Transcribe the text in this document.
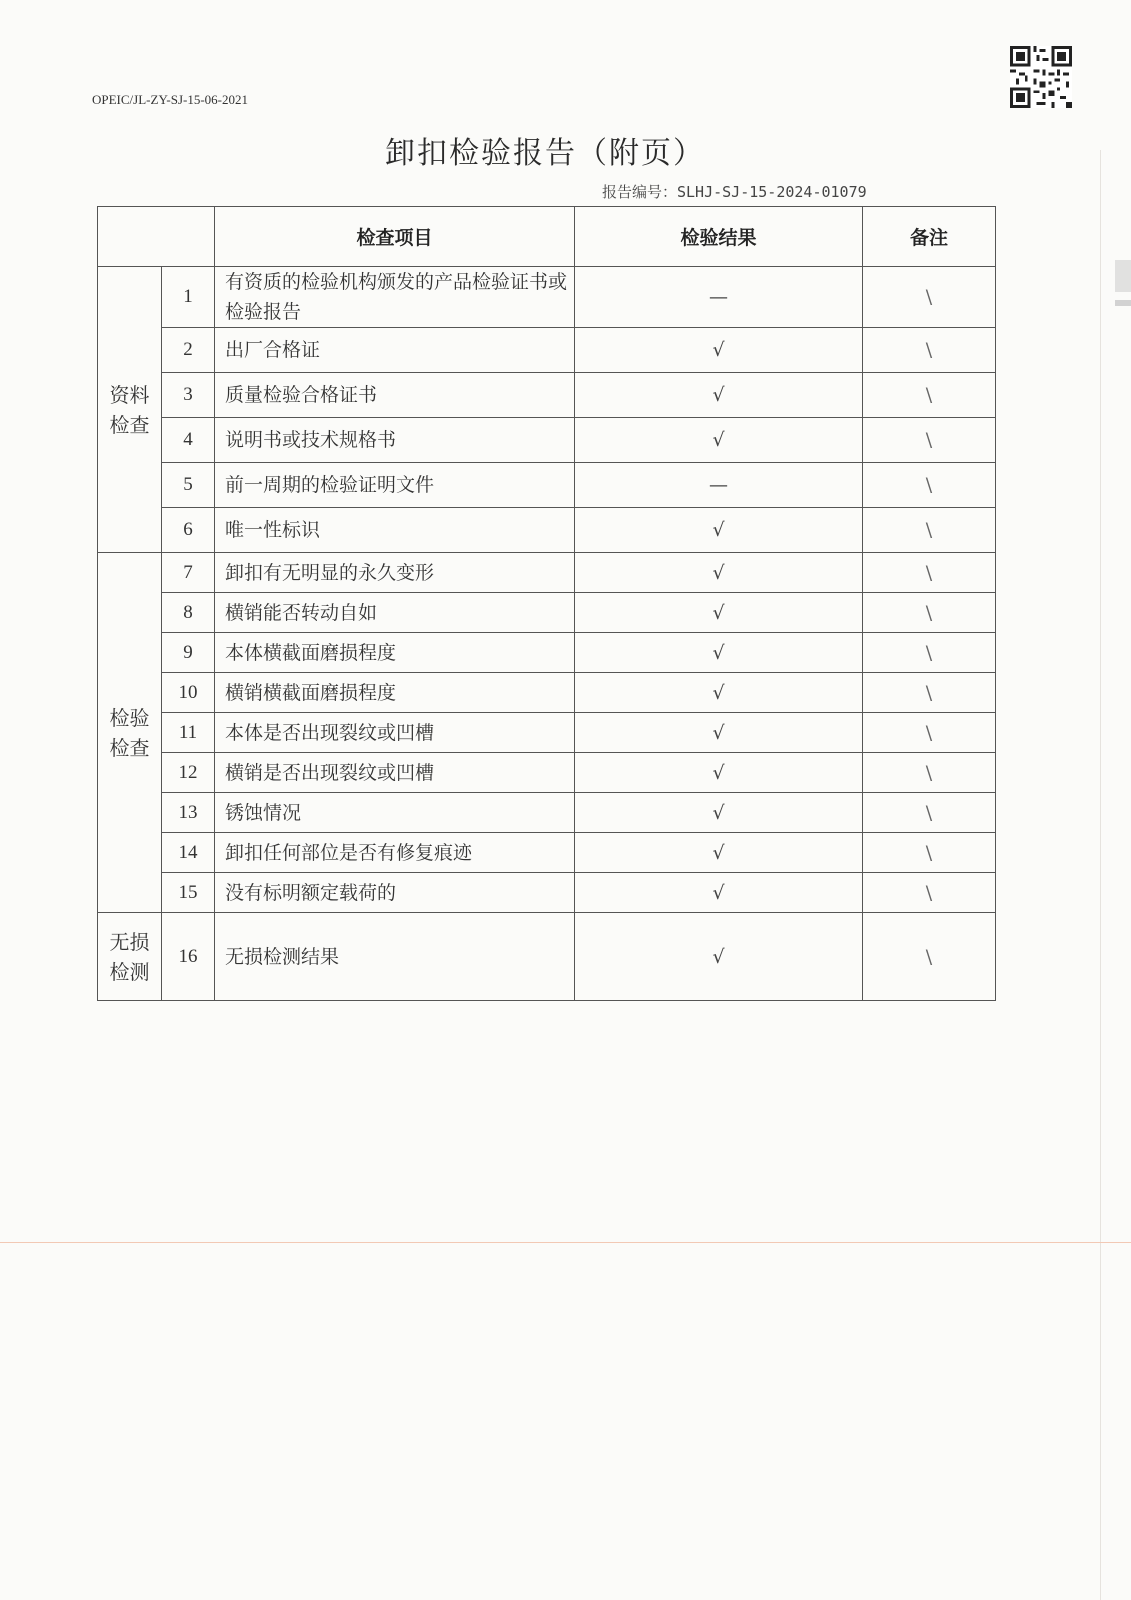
OPEIC/JL-ZY-SJ-15-06-2021
卸扣检验报告（附页）
报告编号：SLHJ-SJ-15-2024-01079
		检查项目	检验结果	备注

资料
检查	1	有资质的检验机构颁发的产品检验证书或检验报告	—	\
	2	出厂合格证	√	\
	3	质量检验合格证书	√	\
	4	说明书或技术规格书	√	\
	5	前一周期的检验证明文件	—	\
	6	唯一性标识	√	\

检验
检查	7	卸扣有无明显的永久变形	√	\
	8	横销能否转动自如	√	\
	9	本体横截面磨损程度	√	\
	10	横销横截面磨损程度	√	\
	11	本体是否出现裂纹或凹槽	√	\
	12	横销是否出现裂纹或凹槽	√	\
	13	锈蚀情况	√	\
	14	卸扣任何部位是否有修复痕迹	√	\
	15	没有标明额定载荷的	√	\

无损
检测	16	无损检测结果	√	\
